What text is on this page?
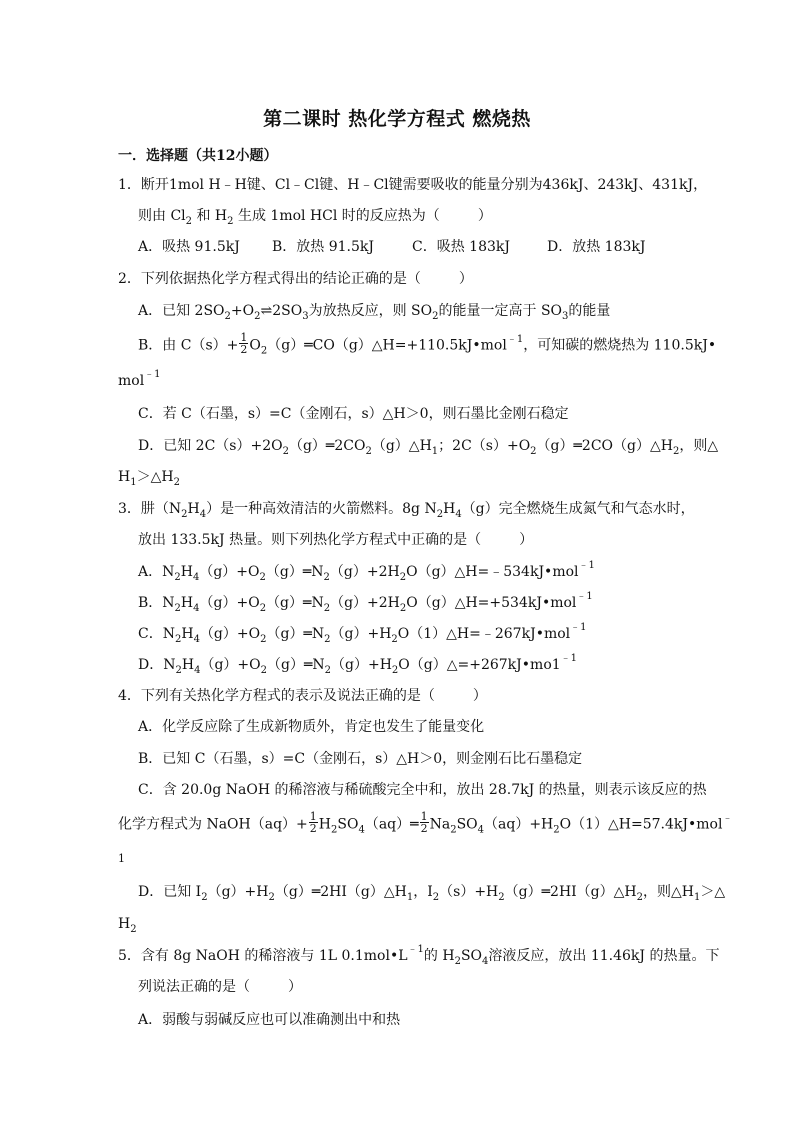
第二课时 热化学方程式 燃烧热
一．选择题（共12小题）
1．断开1mol H﹣H键、Cl﹣Cl键、H﹣Cl键需要吸收的能量分别为436kJ、243kJ、431kJ，
则由 $Cl_2$ 和 $H_2$ 生成 1mol HCl 时的反应热为（	）
A．吸热 91.5kJ B．放热 91.5kJ	C．吸热 183kJ	D．放热 183kJ
2．下列依据热化学方程式得出的结论正确的是（	）
A．已知 $2SO_2+O_2\rightleftharpoons 2SO_3$为放热反应，则 $SO_2$的能量一定高于 $SO_3$的能量
B．由 $C(s)+ \frac{1}{2}$ $O_2(g)═CO(g)\triangle H=+110.5kJ•mol^{﹣1}$，可知碳的燃烧热为 110.5kJ•
mol$^{﹣1}$
C．若 C（石墨，s）=C（金刚石，s）△H＞0，则石墨比金刚石稳定
D．已知 $2C(s)+2O_2(g)═2CO_2(g)\triangle H_1$；$2C(s)+O_2(g)═2CO(g)\triangle H_2$，则△
$H_1>\triangle H_2$
3．肼$(N_2H_4)$是一种高效清洁的火箭燃料。8g $N_2H_4(g)$完全燃烧生成氮气和气态水时，
放出 133.5kJ 热量。则下列热化学方程式中正确的是（	）
A．$N_2H_4(g)+O_2(g)═N_2(g)+2H_2O(g)\triangle H=﹣534kJ•mol^{﹣1}$
B．$N_2H_4(g)+O_2(g)═N_2(g)+2H_2O(g)\triangle H=+534kJ•mol^{﹣1}$
C．$N_2H_4(g)+O_2(g)═N_2(g)+H_2O(1)\triangle H=﹣267kJ•mol^{﹣1}$
D．$N_2H_4(g)+O_2(g)═N_2(g)+H_2O(g)\triangle=+267kJ•mo1^{﹣1}$
4．下列有关热化学方程式的表示及说法正确的是（	）
A．化学反应除了生成新物质外，肯定也发生了能量变化
B．已知 C（石墨，s）=C（金刚石，s）△H＞0，则金刚石比石墨稳定
C．含 20.0g NaOH 的稀溶液与稀硫酸完全中和，放出 28.7kJ 的热量，则表示该反应的热
化学方程式为 NaOH（aq）+ $\frac{1}{2}$ $H_2SO_4(aq)═ \frac{1}{2}$ $Na_2SO_4(aq)+H_2O(1)\triangle H=57.4kJ•mol^﹣$
1
D．已知 $I_2(g)+H_2(g)═2HI(g)\triangle H_1$，$I_2(s)+H_2(g)═2HI(g)\triangle H_2$，则$\triangle H_1>\triangle$
$H_2$
5．含有 8g NaOH 的稀溶液与 1L $0.1mol•L^{﹣1}$的 $H_2SO_4$溶液反应，放出 11.46kJ 的热量。下
列说法正确的是（	）
A．弱酸与弱碱反应也可以准确测出中和热
